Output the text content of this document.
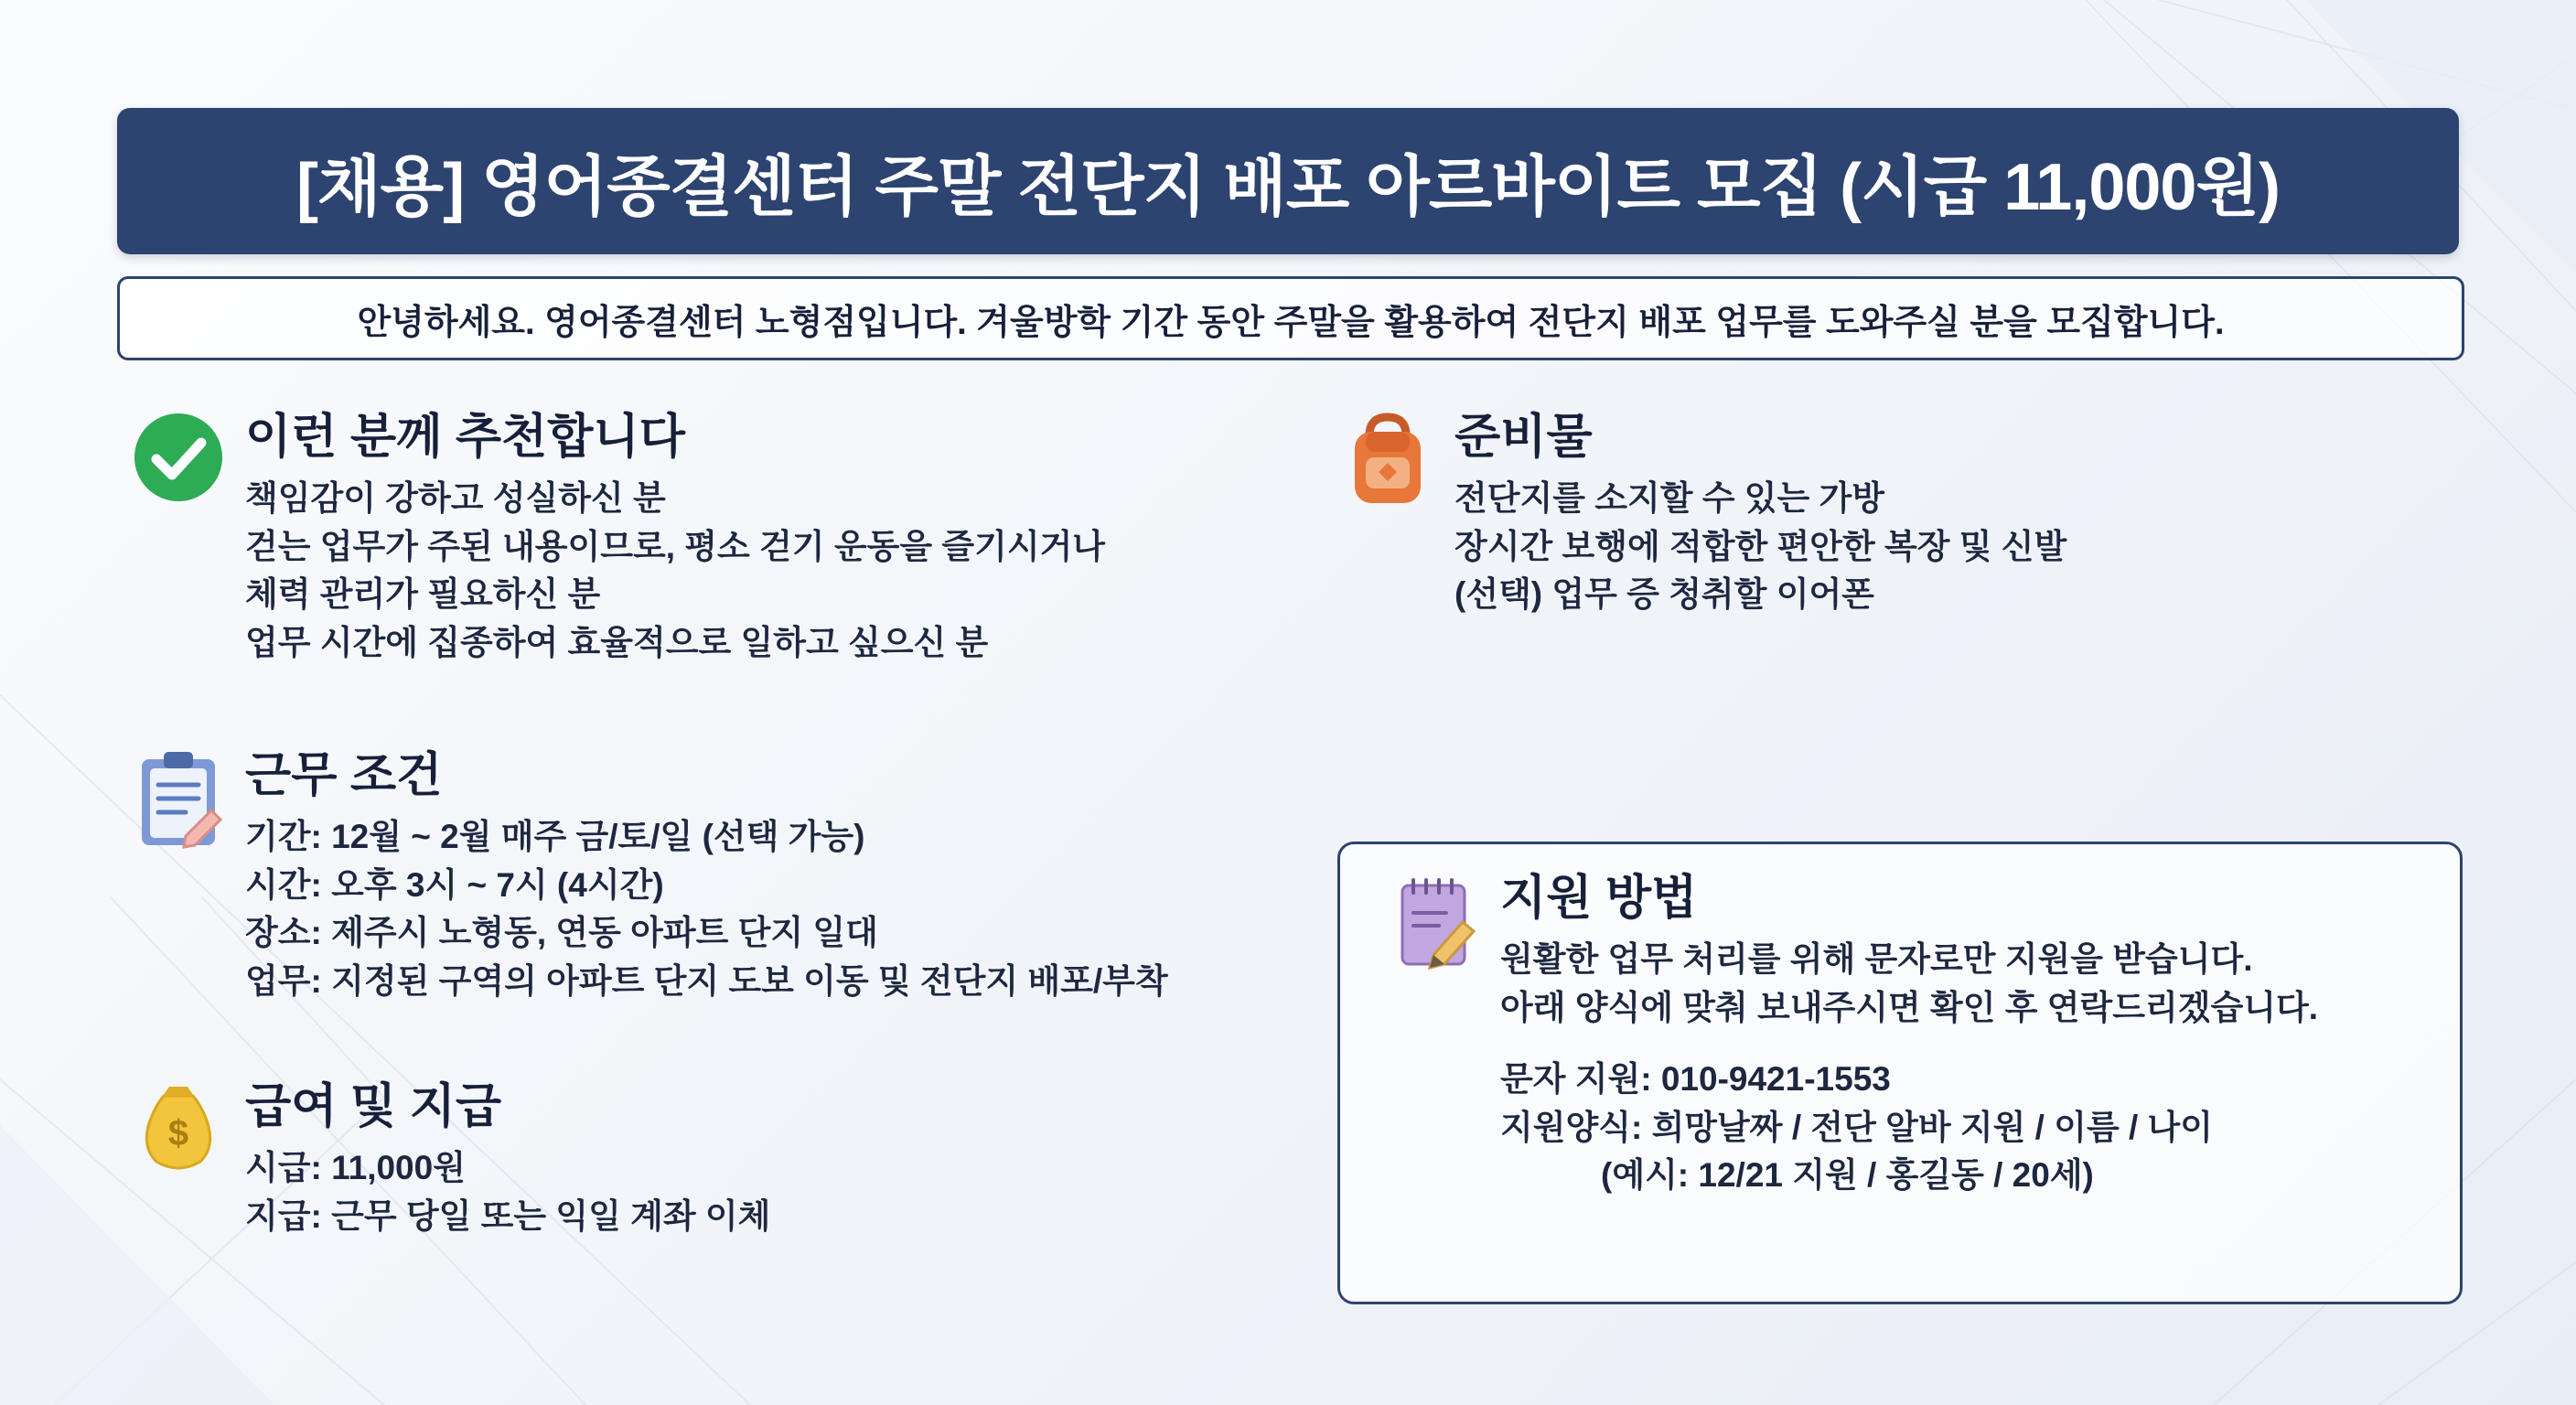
[채용] 영어종결센터 주말 전단지 배포 아르바이트 모집 (시급 11,000원)
안녕하세요. 영어종결센터 노형점입니다. 겨울방학 기간 동안 주말을 활용하여 전단지 배포 업무를 도와주실 분을 모집합니다.
이런 분께 추천합니다
책임감이 강하고 성실하신 분
걷는 업무가 주된 내용이므로, 평소 걷기 운동을 즐기시거나
체력 관리가 필요하신 분
업무 시간에 집종하여 효율적으로 일하고 싶으신 분
근무 조건
기간: 12월 ~ 2월 매주 금/토/일 (선택 가능)
시간: 오후 3시 ~ 7시 (4시간)
장소: 제주시 노형동, 연동 아파트 단지 일대
업무: 지정된 구역의 아파트 단지 도보 이동 및 전단지 배포/부착
$ 급여 및 지급
시급: 11,000원
지급: 근무 당일 또는 익일 계좌 이체
준비물
전단지를 소지할 수 있는 가방
장시간 보행에 적합한 편안한 복장 및 신발
(선택) 업무 증 청취할 이어폰
지원 방법
원활한 업무 처리를 위해 문자로만 지원을 받습니다.
아래 양식에 맞춰 보내주시면 확인 후 연락드리겠습니다.
문자 지원: 010-9421-1553
지원양식: 희망날짜 / 전단 알바 지원 / 이름 / 나이
(예시: 12/21 지원 / 홍길동 / 20세)
